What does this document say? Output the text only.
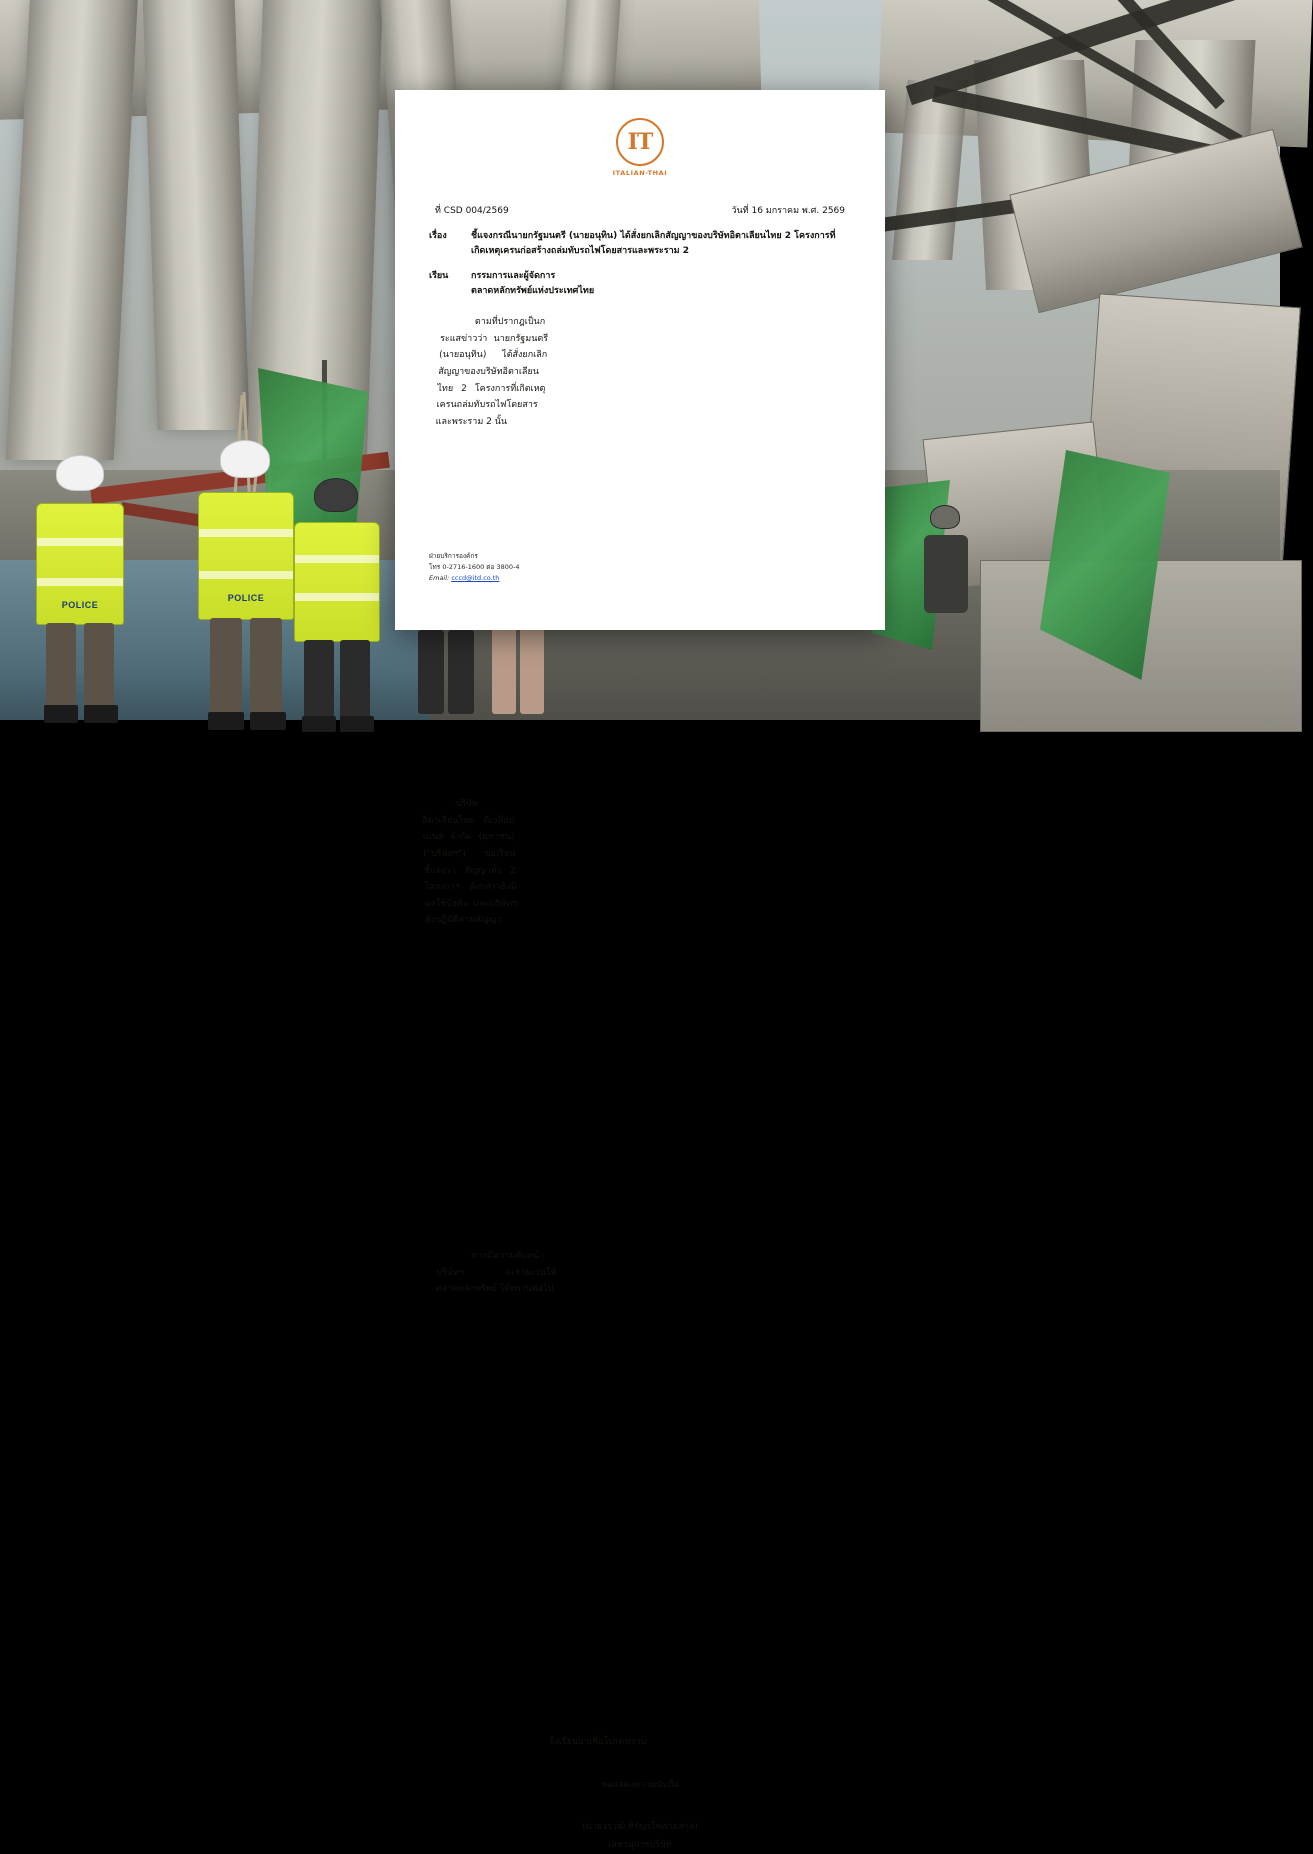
POLICE
POLICE
IT
ITALIAN-THAI
ที่ CSD 004/2569	วันที่ 16 มกราคม พ.ศ. 2569
เรื่อง	ชี้แจงกรณีนายกรัฐมนตรี (นายอนุทิน) ได้สั่งยกเลิกสัญญาของบริษัทอิตาเลียนไทย 2 โครงการที่
เกิดเหตุเครนก่อสร้างถล่มทับรถไฟโดยสารและพระราม 2
เรียน	กรรมการและผู้จัดการ
ตลาดหลักทรัพย์แห่งประเทศไทย
ตามที่ปรากฎเป็นกระแสข่าวว่า นายกรัฐมนตรี (นายอนุทิน) ได้สั่งยกเลิกสัญญาของบริษัทอิตาเลียนไทย 2 โครงการที่เกิดเหตุเครนถล่มทับรถไฟโดยสารและพระราม 2 นั้น
บริษัท อิตาเลียนไทย ดีเวล๊อปเมนต์ จำกัด (มหาชน) ("บริษัทฯ") ขอเรียนชี้แจงว่า สัญญาทั้ง 2 โครงการ ดังกล่าวยังมีผลใช้บังคับ และบริษัทฯ ยังปฏิบัติตามสัญญา
หากมีความคืบหน้า บริษัทฯ จะรายงานให้ตลาดหลักทรัพย์ ได้ทราบต่อไป
จึงเรียนมาเพื่อโปรดทราบ
ขอแสดงความนับถือ
(นายวรวุฒิ หิรัญรไพศาลสกุล)
เลขานุการบริษัท
ฝ่ายบริการองค์กร
โทร 0-2716-1600 ต่อ 3800-4
Email: cccd@itd.co.th
